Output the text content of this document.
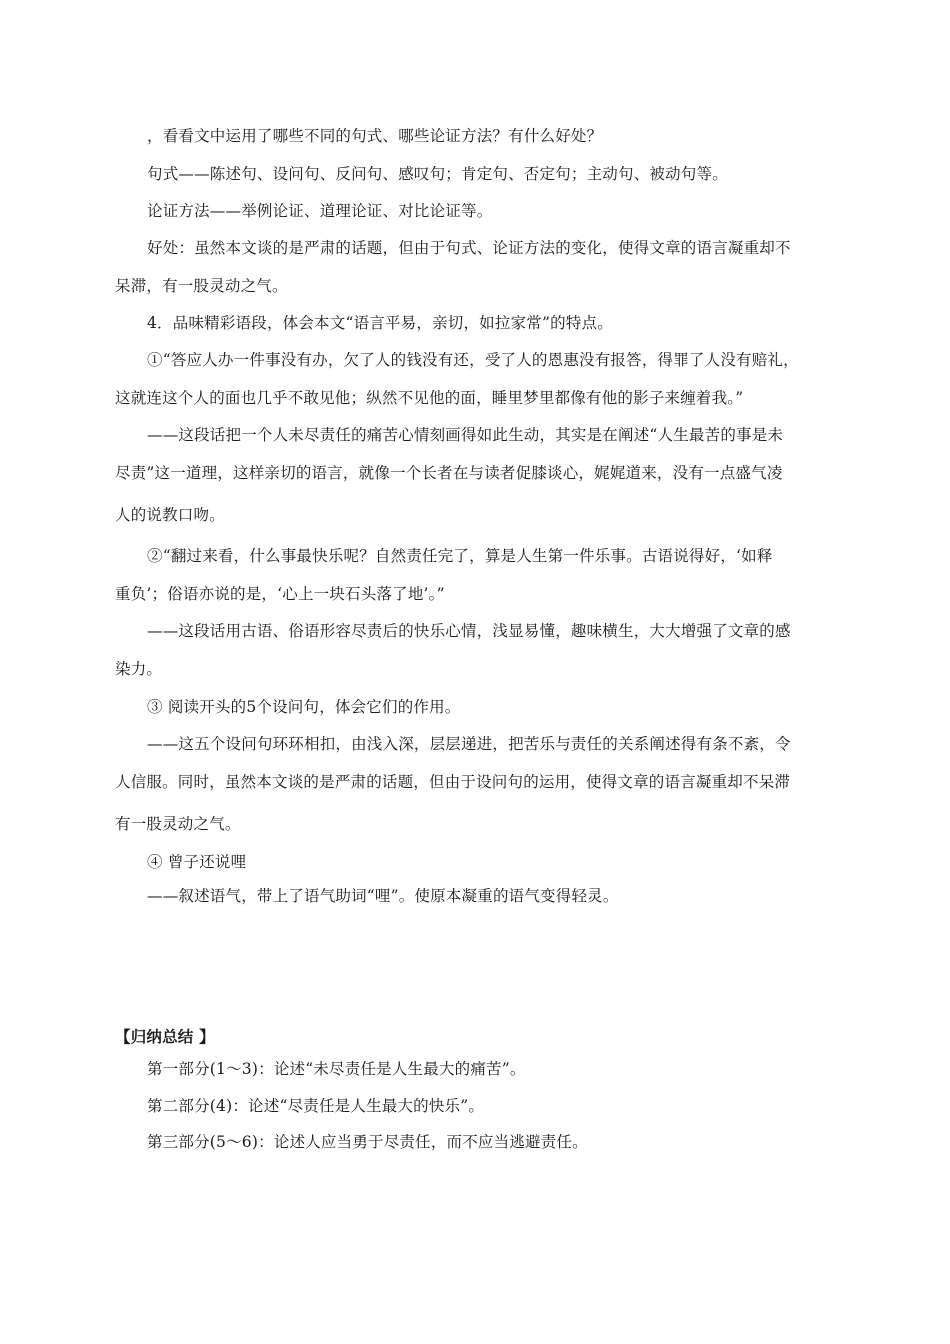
，看看文中运用了哪些不同的句式、哪些论证方法？有什么好处？
句式——陈述句、设问句、反问句、感叹句；肯定句、否定句；主动句、被动句等。
论证方法——举例论证、道理论证、对比论证等。
好处：虽然本文谈的是严肃的话题，但由于句式、论证方法的变化，使得文章的语言凝重却不
呆滞，有一股灵动之气。
4．品味精彩语段，体会本文“语言平易，亲切，如拉家常”的特点。
①“答应人办一件事没有办，欠了人的钱没有还，受了人的恩惠没有报答，得罪了人没有赔礼，
这就连这个人的面也几乎不敢见他；纵然不见他的面，睡里梦里都像有他的影子来缠着我。”
——这段话把一个人未尽责任的痛苦心情刻画得如此生动，其实是在阐述“人生最苦的事是未
尽责”这一道理，这样亲切的语言，就像一个长者在与读者促膝谈心，娓娓道来，没有一点盛气凌
人的说教口吻。
②“翻过来看，什么事最快乐呢？自然责任完了，算是人生第一件乐事。古语说得好，‘如释
重负’；俗语亦说的是，‘心上一块石头落了地’。”
——这段话用古语、俗语形容尽责后的快乐心情，浅显易懂，趣味横生，大大增强了文章的感
染力。
③ 阅读开头的5个设问句，体会它们的作用。
——这五个设问句环环相扣，由浅入深，层层递进，把苦乐与责任的关系阐述得有条不紊，令
人信服。同时，虽然本文谈的是严肃的话题，但由于设问句的运用，使得文章的语言凝重却不呆滞
有一股灵动之气。
④ 曾子还说哩
——叙述语气，带上了语气助词“哩”。使原本凝重的语气变得轻灵。
【归纳总结 】
第一部分(1～3)：论述“未尽责任是人生最大的痛苦”。
第二部分(4)：论述“尽责任是人生最大的快乐”。
第三部分(5～6)：论述人应当勇于尽责任，而不应当逃避责任。
